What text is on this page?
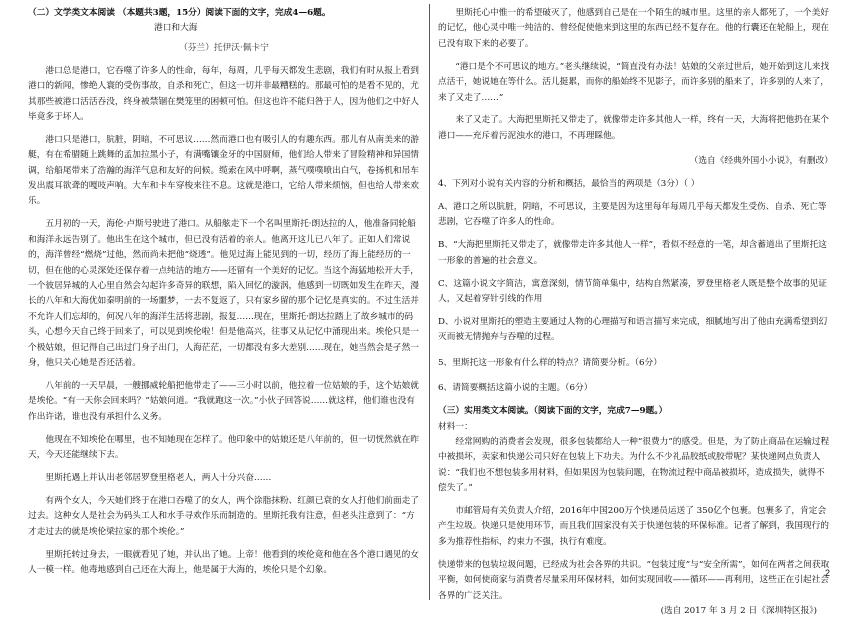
（二）文学类文本阅读 （本题共3题，15分）阅读下面的文字，完成4—6题。

港口和大海

（芬兰）托伊沃·佩卡宁

港口总是港口，它吞噬了许多人的性命，每年，每周，几乎每天都发生悲剧，我们有时从报上看到港口的新闻，惨绝人寰的受伤事故，自杀和死亡，但这一切并非最糟糕的。那最可怕的是看不见的，尤其那些被港口活活吞没，终身被禁锢在樊笼里的困顿可怕。但这也许不能归咎于人，因为他们之中好人毕竟多于坏人。

港口只是港口，肮脏，阴暗，不可思议……然而港口也有吸引人的有趣东西。那儿有从南美来的游艇，有在希腊随上跳舞的孟加拉黑小子，有满嘴镶金牙的中国厨师，他们给人带来了冒险精神和异国情调，给船尾带来了浩瀚的海洋气息和友好的问候。缆索在风中呼啊，蒸气噗噗喷出白气，卷扬机和吊车发出震耳欲聋的嘎吱声响。大车和卡车穿梭来往不息。这就是港口，它给人带来烦恼，但也给人带来欢乐。

五月初的一天，海伦·卢斯号驶进了港口。从船舷走下一个名叫里斯托·朗达拉的人，他准备同轮船和海洋永远告别了。他出生在这个城市，但已没有活着的亲人。他离开这儿已八年了。正如人们常说的，海洋曾经“燃烧”过他，然而尚未把他“烧透”。他见过海上能见到的一切，经历了海上能经历的一切，但在他的心灵深处还保存着一点纯洁的地方——还留有一个美好的记忆。当这个海猛地松开大手，一个彼居异城的人心里自然会勾起许多奇异的联想，陷入回忆的漩涡，他感到一切既如发生在昨天，漫长的八年和大海优如秦明前的一场噩梦，一去不复返了，只有家乡留的那个记忆是真实的。不过生活并不允许人们忘却的，何况八年的海洋生活将悲剧，报复……现在，里斯托·朗达拉踏上了故乡城市的码头，心想今天自己终于回来了，可以见到埃伦啦！但是他高兴，往事又从记忆中涌现出来。埃伦只是一个极姑娘，但记得自己出过门身子出门，人海茫茫，一切都没有多大差别……现在，她当然会是孑然一身，他只关心她是否还活着。

八年前的一天早晨，一艘挪威轮船把他带走了——三小时以前，他拉着一位姑娘的手，这个姑娘就是埃伦。“有一天你会回来吗？”姑娘问道。“我就跑这一次。”小伙子回答说……就这样，他们谁也没有作出许诺，谁也没有承担什么义务。

他现在不知埃伦在哪里，也不知她现在怎样了。他印象中的姑娘还是八年前的，但一切恍然就在昨天，今天还能继续下去。

里斯托遇上并认出老邻居罗登里格老人，两人十分兴奋……

有两个女人，今天她们终于在港口吞噬了的女人，两个涂脂抹粉、红颜已衰的女人打他们前面走了过去。这种女人是社会为码头工人和水手寻欢作乐而制造的。里斯托我有注意，但老头注意到了：“方才走过去的就是埃伦梁拉家的那个埃伦。”

里斯托转过身去，一眼就看见了她，并认出了她。上帝！他看到的埃伦竟和他在各个港口遇见的女人一模一样。他毒地感到自己还在大海上，他是属于大海的，埃伦只是个幻象。

里斯托心中惟一的希望破灭了，他感到自己是在一个陌生的城市里。这里的亲人都死了，一个美好的记忆，他心灵中唯一纯洁的、曾经促使他来到这里的东西已经不复存在。他的行囊还在轮船上，现在已没有取下来的必要了。

“港口是个不可思议的地方。”老头继续说，“简直没有办法！姑娘的父亲过世后，她开始到这儿来找点活干，她说她在等什么。活儿挺累，而你的船始终不见影子，而许多别的船来了，许多别的人来了，来了又走了……”

来了又走了。大海把里斯托又带走了，就像带走许多其他人一样，终有一天，大海将把他扔在某个港口——充斥着污泥浊水的港口，不再理睬他。

（选自《经典外国小小说》，有删改）

4、下列对小说有关内容的分析和概括，最恰当的两项是（3分）（ ）

A、港口之所以肮脏，阴暗，不可思议，主要是因为这里每年每周几乎每天都发生受伤、自杀、死亡等悲剧，它吞噬了许多人的性命。

B、“大海把里斯托又带走了，就像带走许多其他人一样”，看似不经意的一笔，却含蓄道出了里斯托这一形象的普遍的社会意义。

C、这篇小说文字简洁，寓意深刻，情节简单集中，结构自然紧凑，罗登里格老人既是整个故事的见证人，又起着穿针引线的作用

D、小说对里斯托的塑造主要通过人物的心理描写和语言描写来完成，细腻地写出了他由充满希望到幻灭而被无情抛弃与吞噬的过程。

5、里斯托这一形象有什么样的特点？请简要分析。（6分）

6、请简要概括这篇小说的主题。（6分）

（三）实用类文本阅读。（阅读下面的文字，完成7—9题。）

材料一：

经常网购的消费者会发现，很多包装都给人一种“很费力”的感受。但是，为了防止商品在运输过程中被损坏，卖家和快递公司只好在包装上下功夫。为什么不少礼品胶纸或胶带呢？某快递网点负责人说：“我们也不想包装多用材料，但如果因为包装问题，在物流过程中商品被损坏，造成损失，就得不偿失了。”

市邮管局有关负责人介绍，2016年中国200万个快递员运送了 350亿个包裹。包裹多了，肯定会产生垃圾。快递只是使用环节，而且我们国家没有关于快递包装的环保标准。记者了解到，我国现行的多为推荐性指标，约束力不强，执行有难度。

快递带来的包装垃圾问题，已经成为社会各界的共识。“包装过度”与“安全所需”，如何在两者之间获取平衡，如何使商家与消费者尽量采用环保材料，如何实现回收——循环——再利用，这些正在引起社会各界的广泛关注。

(选自 2017 年 3 月 2 日《深圳特区报》)

2
